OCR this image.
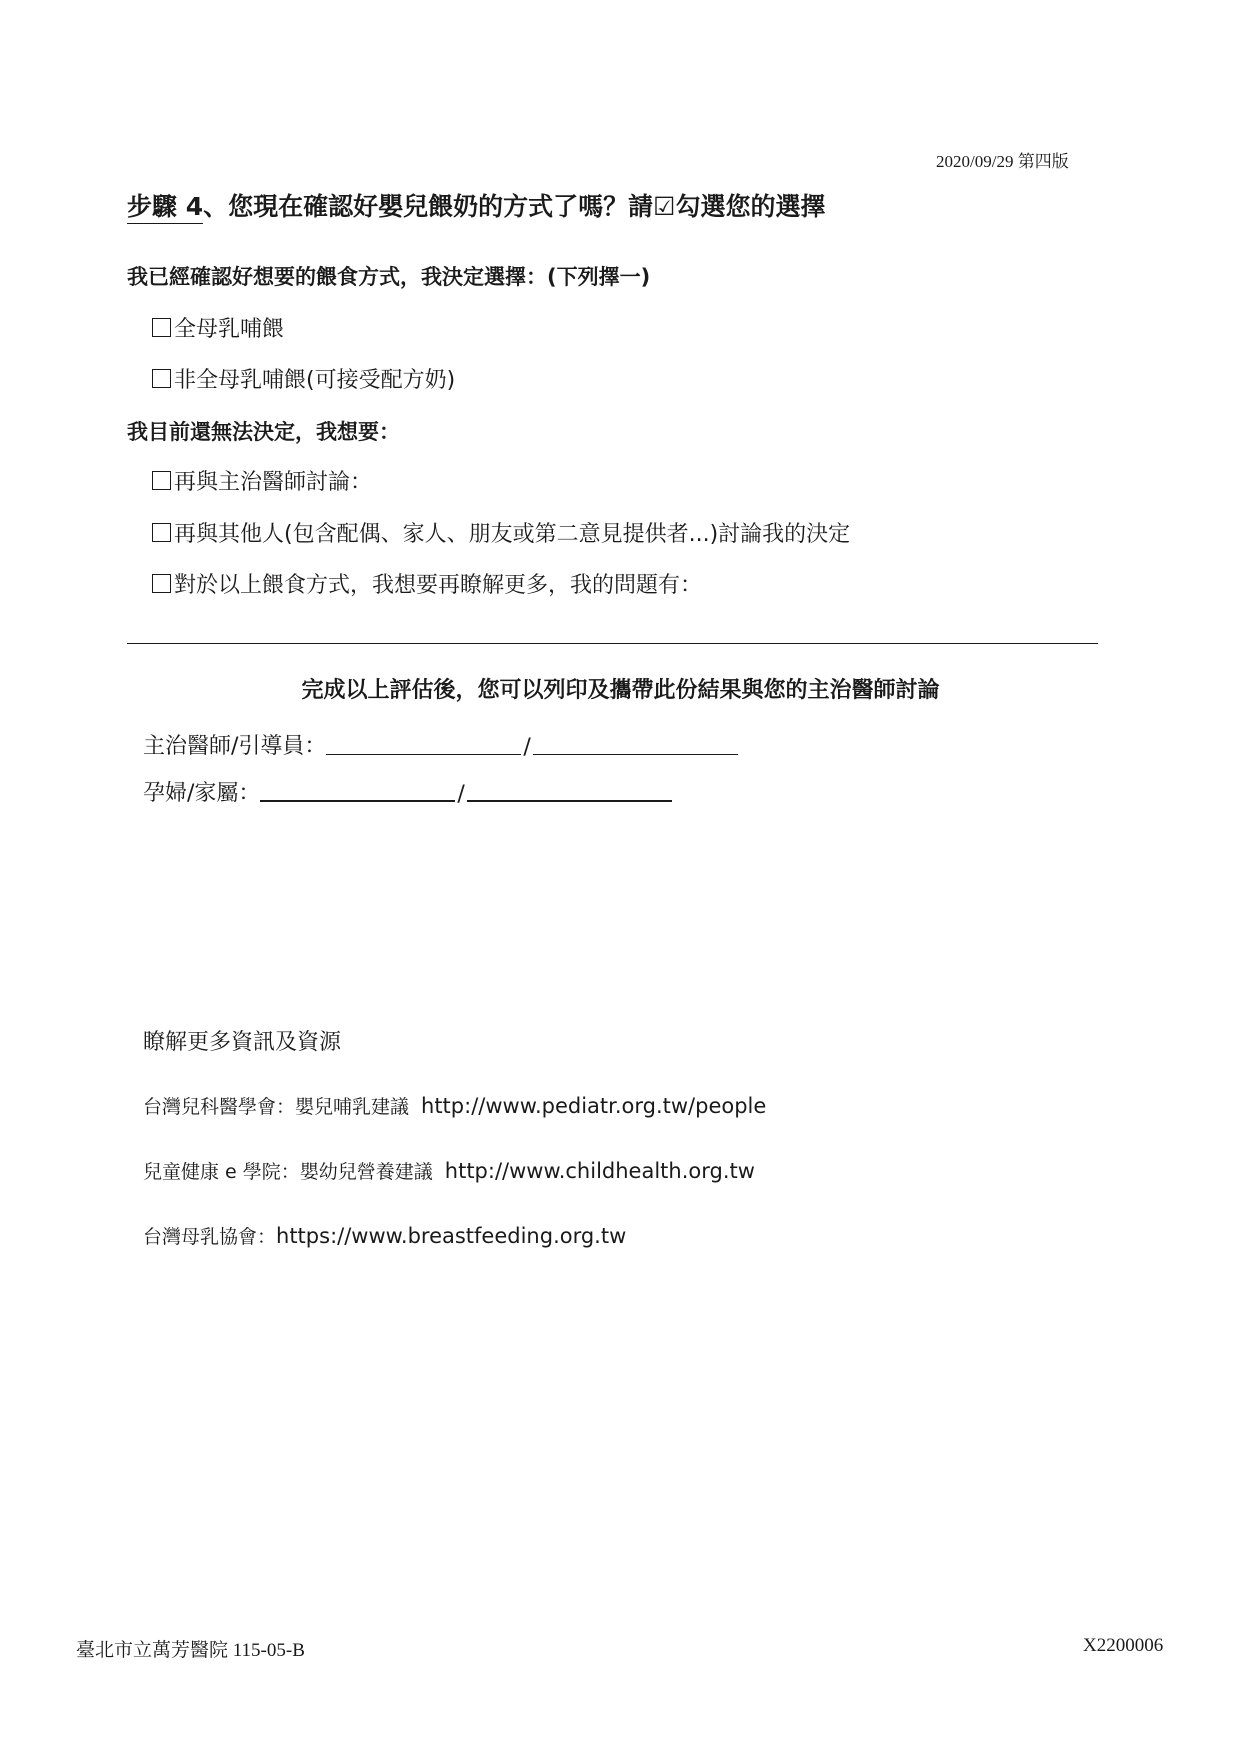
2020/09/29 第四版
步驟 4、您現在確認好嬰兒餵奶的方式了嗎？請☑勾選您的選擇
我已經確認好想要的餵食方式，我決定選擇：(下列擇一)
全母乳哺餵
非全母乳哺餵(可接受配方奶)
我目前還無法決定，我想要：
再與主治醫師討論：
再與其他人(包含配偶、家人、朋友或第二意見提供者...)討論我的決定
對於以上餵食方式，我想要再瞭解更多，我的問題有：
完成以上評估後，您可以列印及攜帶此份結果與您的主治醫師討論
主治醫師/引導員：	/
孕婦/家屬：	/
瞭解更多資訊及資源
台灣兒科醫學會：嬰兒哺乳建議 http://www.pediatr.org.tw/people
兒童健康 e 學院：嬰幼兒營養建議 http://www.childhealth.org.tw
台灣母乳協會：https://www.breastfeeding.org.tw
臺北市立萬芳醫院 115-05-B	X2200006
